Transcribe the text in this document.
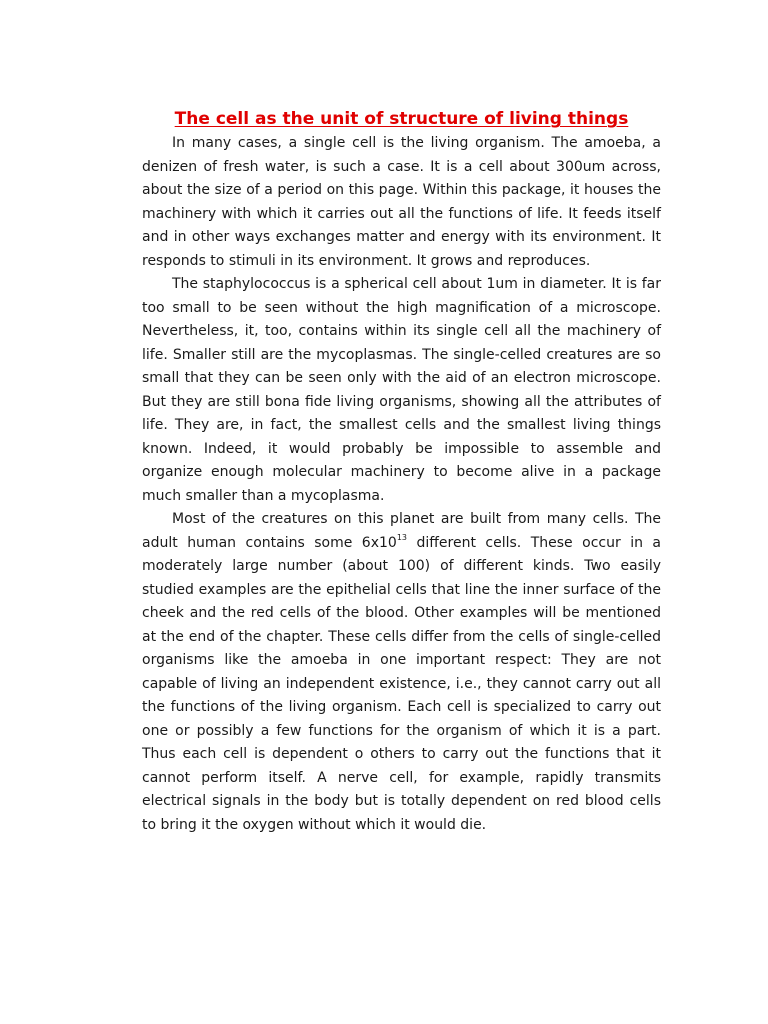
The cell as the unit of structure of living things

In many cases, a single cell is the living organism. The amoeba, a denizen of fresh water, is such a case. It is a cell about 300um across, about the size of a period on this page. Within this package, it houses the machinery with which it carries out all the functions of life. It feeds itself and in other ways exchanges matter and energy with its environment. It responds to stimuli in its environment. It grows and reproduces.

The staphylococcus is a spherical cell about 1um in diameter. It is far too small to be seen without the high magnification of a microscope. Nevertheless, it, too, contains within its single cell all the machinery of life. Smaller still are the mycoplasmas. The single-celled creatures are so small that they can be seen only with the aid of an electron microscope. But they are still bona fide living organisms, showing all the attributes of life. They are, in fact, the smallest cells and the smallest living things known. Indeed, it would probably be impossible to assemble and organize enough molecular machinery to become alive in a package much smaller than a mycoplasma.

Most of the creatures on this planet are built from many cells. The adult human contains some $6x10^{13}$ different cells. These occur in a moderately large number (about 100) of different kinds. Two easily studied examples are the epithelial cells that line the inner surface of the cheek and the red cells of the blood. Other examples will be mentioned at the end of the chapter. These cells differ from the cells of single-celled organisms like the amoeba in one important respect: They are not capable of living an independent existence, i.e., they cannot carry out all the functions of the living organism. Each cell is specialized to carry out one or possibly a few functions for the organism of which it is a part. Thus each cell is dependent o others to carry out the functions that it cannot perform itself. A nerve cell, for example, rapidly transmits electrical signals in the body but is totally dependent on red blood cells to bring it the oxygen without which it would die.
